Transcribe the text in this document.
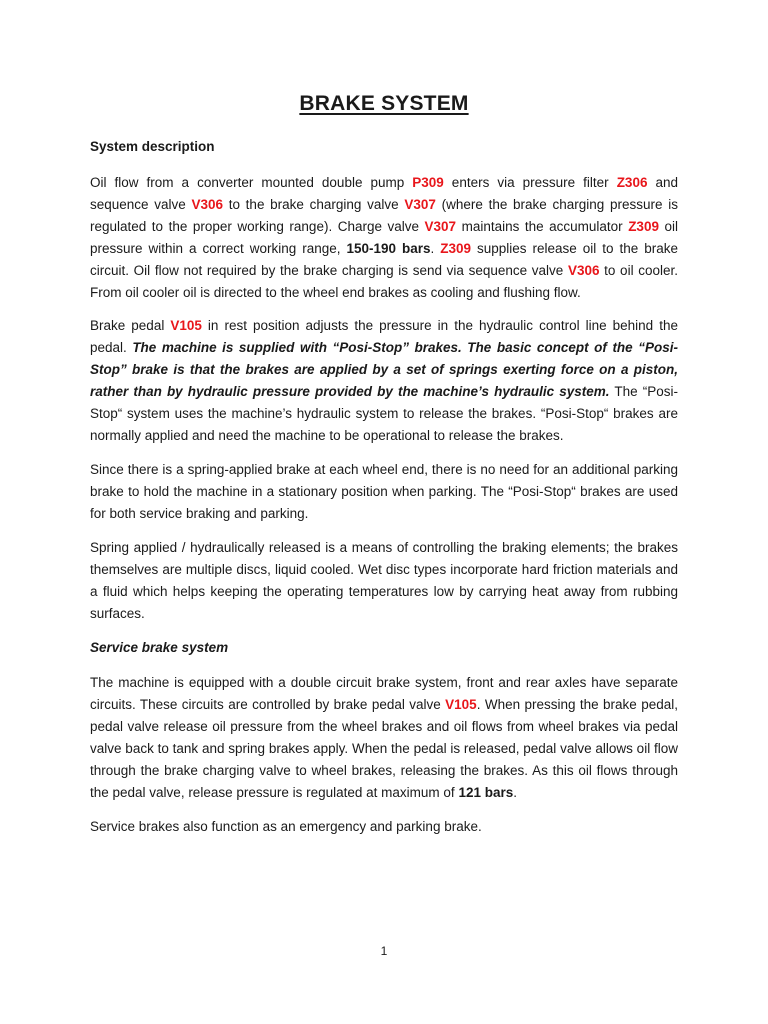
BRAKE SYSTEM

System description

Oil flow from a converter mounted double pump P309 enters via pressure filter Z306 and sequence valve V306 to the brake charging valve V307 (where the brake charging pressure is regulated to the proper working range). Charge valve V307 maintains the accumulator Z309 oil pressure within a correct working range, 150-190 bars. Z309 supplies release oil to the brake circuit. Oil flow not required by the brake charging is send via sequence valve V306 to oil cooler. From oil cooler oil is directed to the wheel end brakes as cooling and flushing flow.

Brake pedal V105 in rest position adjusts the pressure in the hydraulic control line behind the pedal. The machine is supplied with “Posi-Stop” brakes. The basic concept of the “Posi-Stop” brake is that the brakes are applied by a set of springs exerting force on a piston, rather than by hydraulic pressure provided by the machine’s hydraulic system. The “Posi-Stop“ system uses the machine’s hydraulic system to release the brakes. “Posi-Stop“ brakes are normally applied and need the machine to be operational to release the brakes.

Since there is a spring-applied brake at each wheel end, there is no need for an additional parking brake to hold the machine in a stationary position when parking. The “Posi-Stop“ brakes are used for both service braking and parking.

Spring applied / hydraulically released is a means of controlling the braking elements; the brakes themselves are multiple discs, liquid cooled. Wet disc types incorporate hard friction materials and a fluid which helps keeping the operating temperatures low by carrying heat away from rubbing surfaces.

Service brake system

The machine is equipped with a double circuit brake system, front and rear axles have separate circuits. These circuits are controlled by brake pedal valve V105. When pressing the brake pedal, pedal valve release oil pressure from the wheel brakes and oil flows from wheel brakes via pedal valve back to tank and spring brakes apply. When the pedal is released, pedal valve allows oil flow through the brake charging valve to wheel brakes, releasing the brakes. As this oil flows through the pedal valve, release pressure is regulated at maximum of 121 bars.

Service brakes also function as an emergency and parking brake.

1
